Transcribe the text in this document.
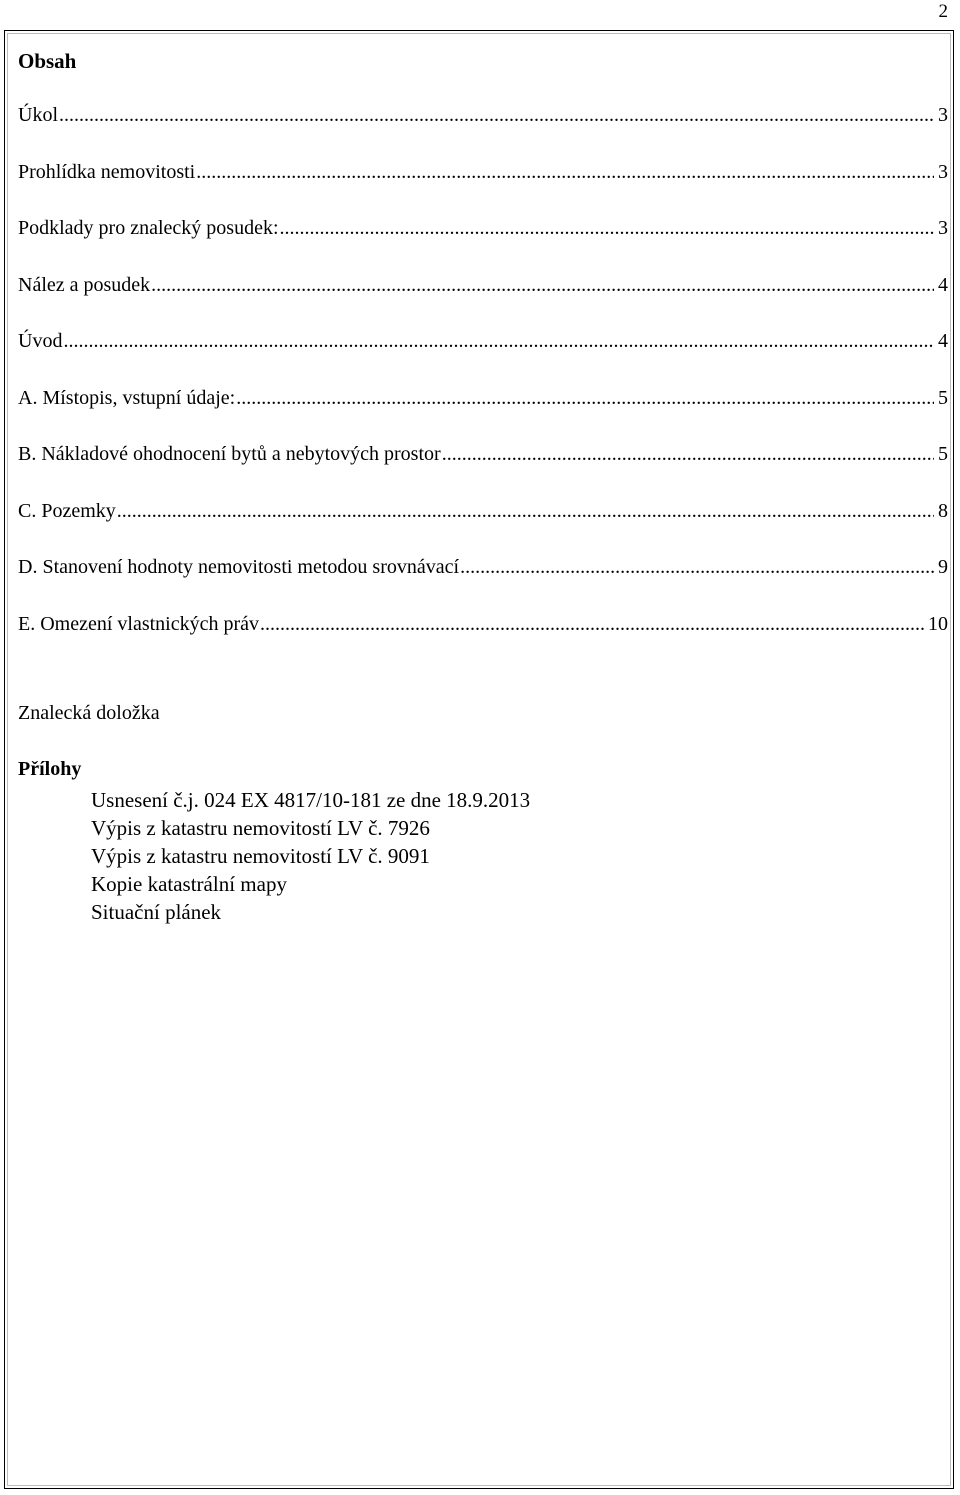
2
Obsah
Úkol .....	3
Prohlídka nemovitosti .....	3
Podklady pro znalecký posudek: .....	3
Nález a posudek .....	4
Úvod .....	4
A. Místopis, vstupní údaje: .....	5
B. Nákladové ohodnocení bytů a nebytových prostor .....	5
C. Pozemky .....	8
D. Stanovení hodnoty nemovitosti metodou srovnávací .....	9
E. Omezení vlastnických práv .....	10

Znalecká doložka

Přílohy
Usnesení č.j. 024 EX 4817/10-181 ze dne 18.9.2013
Výpis z katastru nemovitostí LV č. 7926
Výpis z katastru nemovitostí LV č. 9091
Kopie katastrální mapy
Situační plánek
